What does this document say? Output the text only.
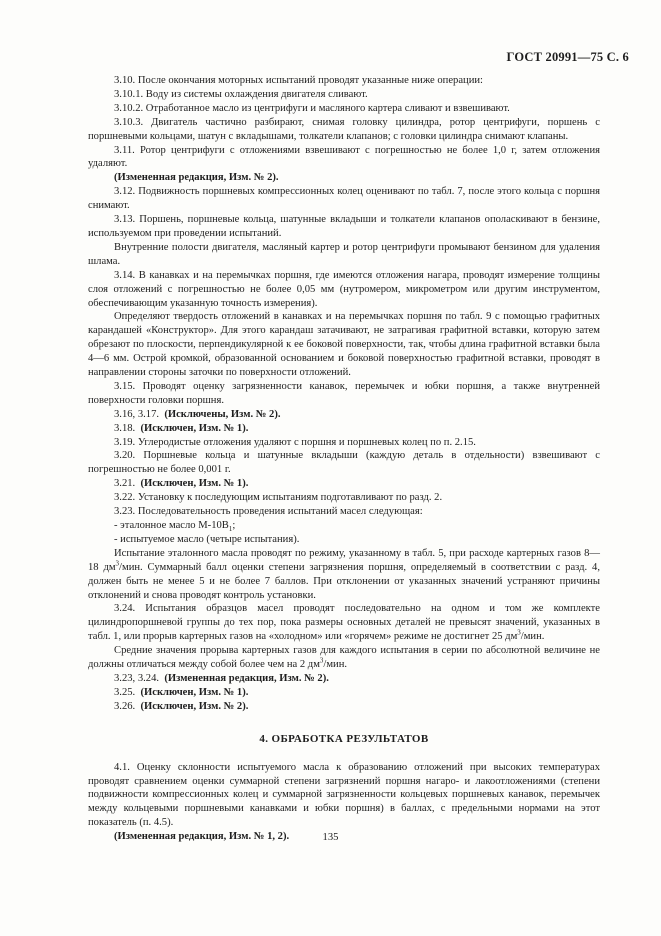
ГОСТ 20991—75 С. 6

3.10. После окончания моторных испытаний проводят указанные ниже операции:

3.10.1. Воду из системы охлаждения двигателя сливают.

3.10.2. Отработанное масло из центрифуги и масляного картера сливают и взвешивают.

3.10.3. Двигатель частично разбирают, снимая головку цилиндра, ротор центрифуги, поршень с поршневыми кольцами, шатун с вкладышами, толкатели клапанов; с головки цилиндра снимают клапаны.

3.11. Ротор центрифуги с отложениями взвешивают с погрешностью не более 1,0 г, затем отложения удаляют.

(Измененная редакция, Изм. № 2).

3.12. Подвижность поршневых компрессионных колец оценивают по табл. 7, после этого кольца с поршня снимают.

3.13. Поршень, поршневые кольца, шатунные вкладыши и толкатели клапанов ополаскивают в бензине, используемом при проведении испытаний.

Внутренние полости двигателя, масляный картер и ротор центрифуги промывают бензином для удаления шлама.

3.14. В канавках и на перемычках поршня, где имеются отложения нагара, проводят измерение толщины слоя отложений с погрешностью не более 0,05 мм (нутромером, микрометром или другим инструментом, обеспечивающим указанную точность измерения).

Определяют твердость отложений в канавках и на перемычках поршня по табл. 9 с помощью графитных карандашей «Конструктор». Для этого карандаш затачивают, не затрагивая графитной вставки, которую затем обрезают по плоскости, перпендикулярной к ее боковой поверхности, так, чтобы длина графитной вставки была 4—6 мм. Острой кромкой, образованной основанием и боковой поверхностью графитной вставки, проводят в направлении стороны заточки по поверхности отложений.

3.15. Проводят оценку загрязненности канавок, перемычек и юбки поршня, а также внутренней поверхности головки поршня.

3.16, 3.17. (Исключены, Изм. № 2).

3.18. (Исключен, Изм. № 1).

3.19. Углеродистые отложения удаляют с поршня и поршневых колец по п. 2.15.

3.20. Поршневые кольца и шатунные вкладыши (каждую деталь в отдельности) взвешивают с погрешностью не более 0,001 г.

3.21. (Исключен, Изм. № 1).

3.22. Установку к последующим испытаниям подготавливают по разд. 2.

3.23. Последовательность проведения испытаний масел следующая:

- эталонное масло $М-10В_1$;

- испытуемое масло (четыре испытания).

Испытание эталонного масла проводят по режиму, указанному в табл. 5, при расходе картерных газов 8—18 $дм^3$/мин. Суммарный балл оценки степени загрязнения поршня, определяемый в соответствии с разд. 4, должен быть не менее 5 и не более 7 баллов. При отклонении от указанных значений устраняют причины отклонений и снова проводят контроль установки.

3.24. Испытания образцов масел проводят последовательно на одном и том же комплекте цилиндропоршневой группы до тех пор, пока размеры основных деталей не превысят значений, указанных в табл. 1, или прорыв картерных газов на «холодном» или «горячем» режиме не достигнет 25 $дм^3$/мин.

Средние значения прорыва картерных газов для каждого испытания в серии по абсолютной величине не должны отличаться между собой более чем на 2 $дм^3$/мин.

3.23, 3.24. (Измененная редакция, Изм. № 2).

3.25. (Исключен, Изм. № 1).

3.26. (Исключен, Изм. № 2).

4. ОБРАБОТКА РЕЗУЛЬТАТОВ

4.1. Оценку склонности испытуемого масла к образованию отложений при высоких температурах проводят сравнением оценки суммарной степени загрязнений поршня нагаро- и лакоотложениями (степени подвижности компрессионных колец и суммарной загрязненности кольцевых поршневых канавок, перемычек между кольцевыми поршневыми канавками и юбки поршня) в баллах, с предельными нормами на этот показатель (п. 4.5).

(Измененная редакция, Изм. № 1, 2).	135
